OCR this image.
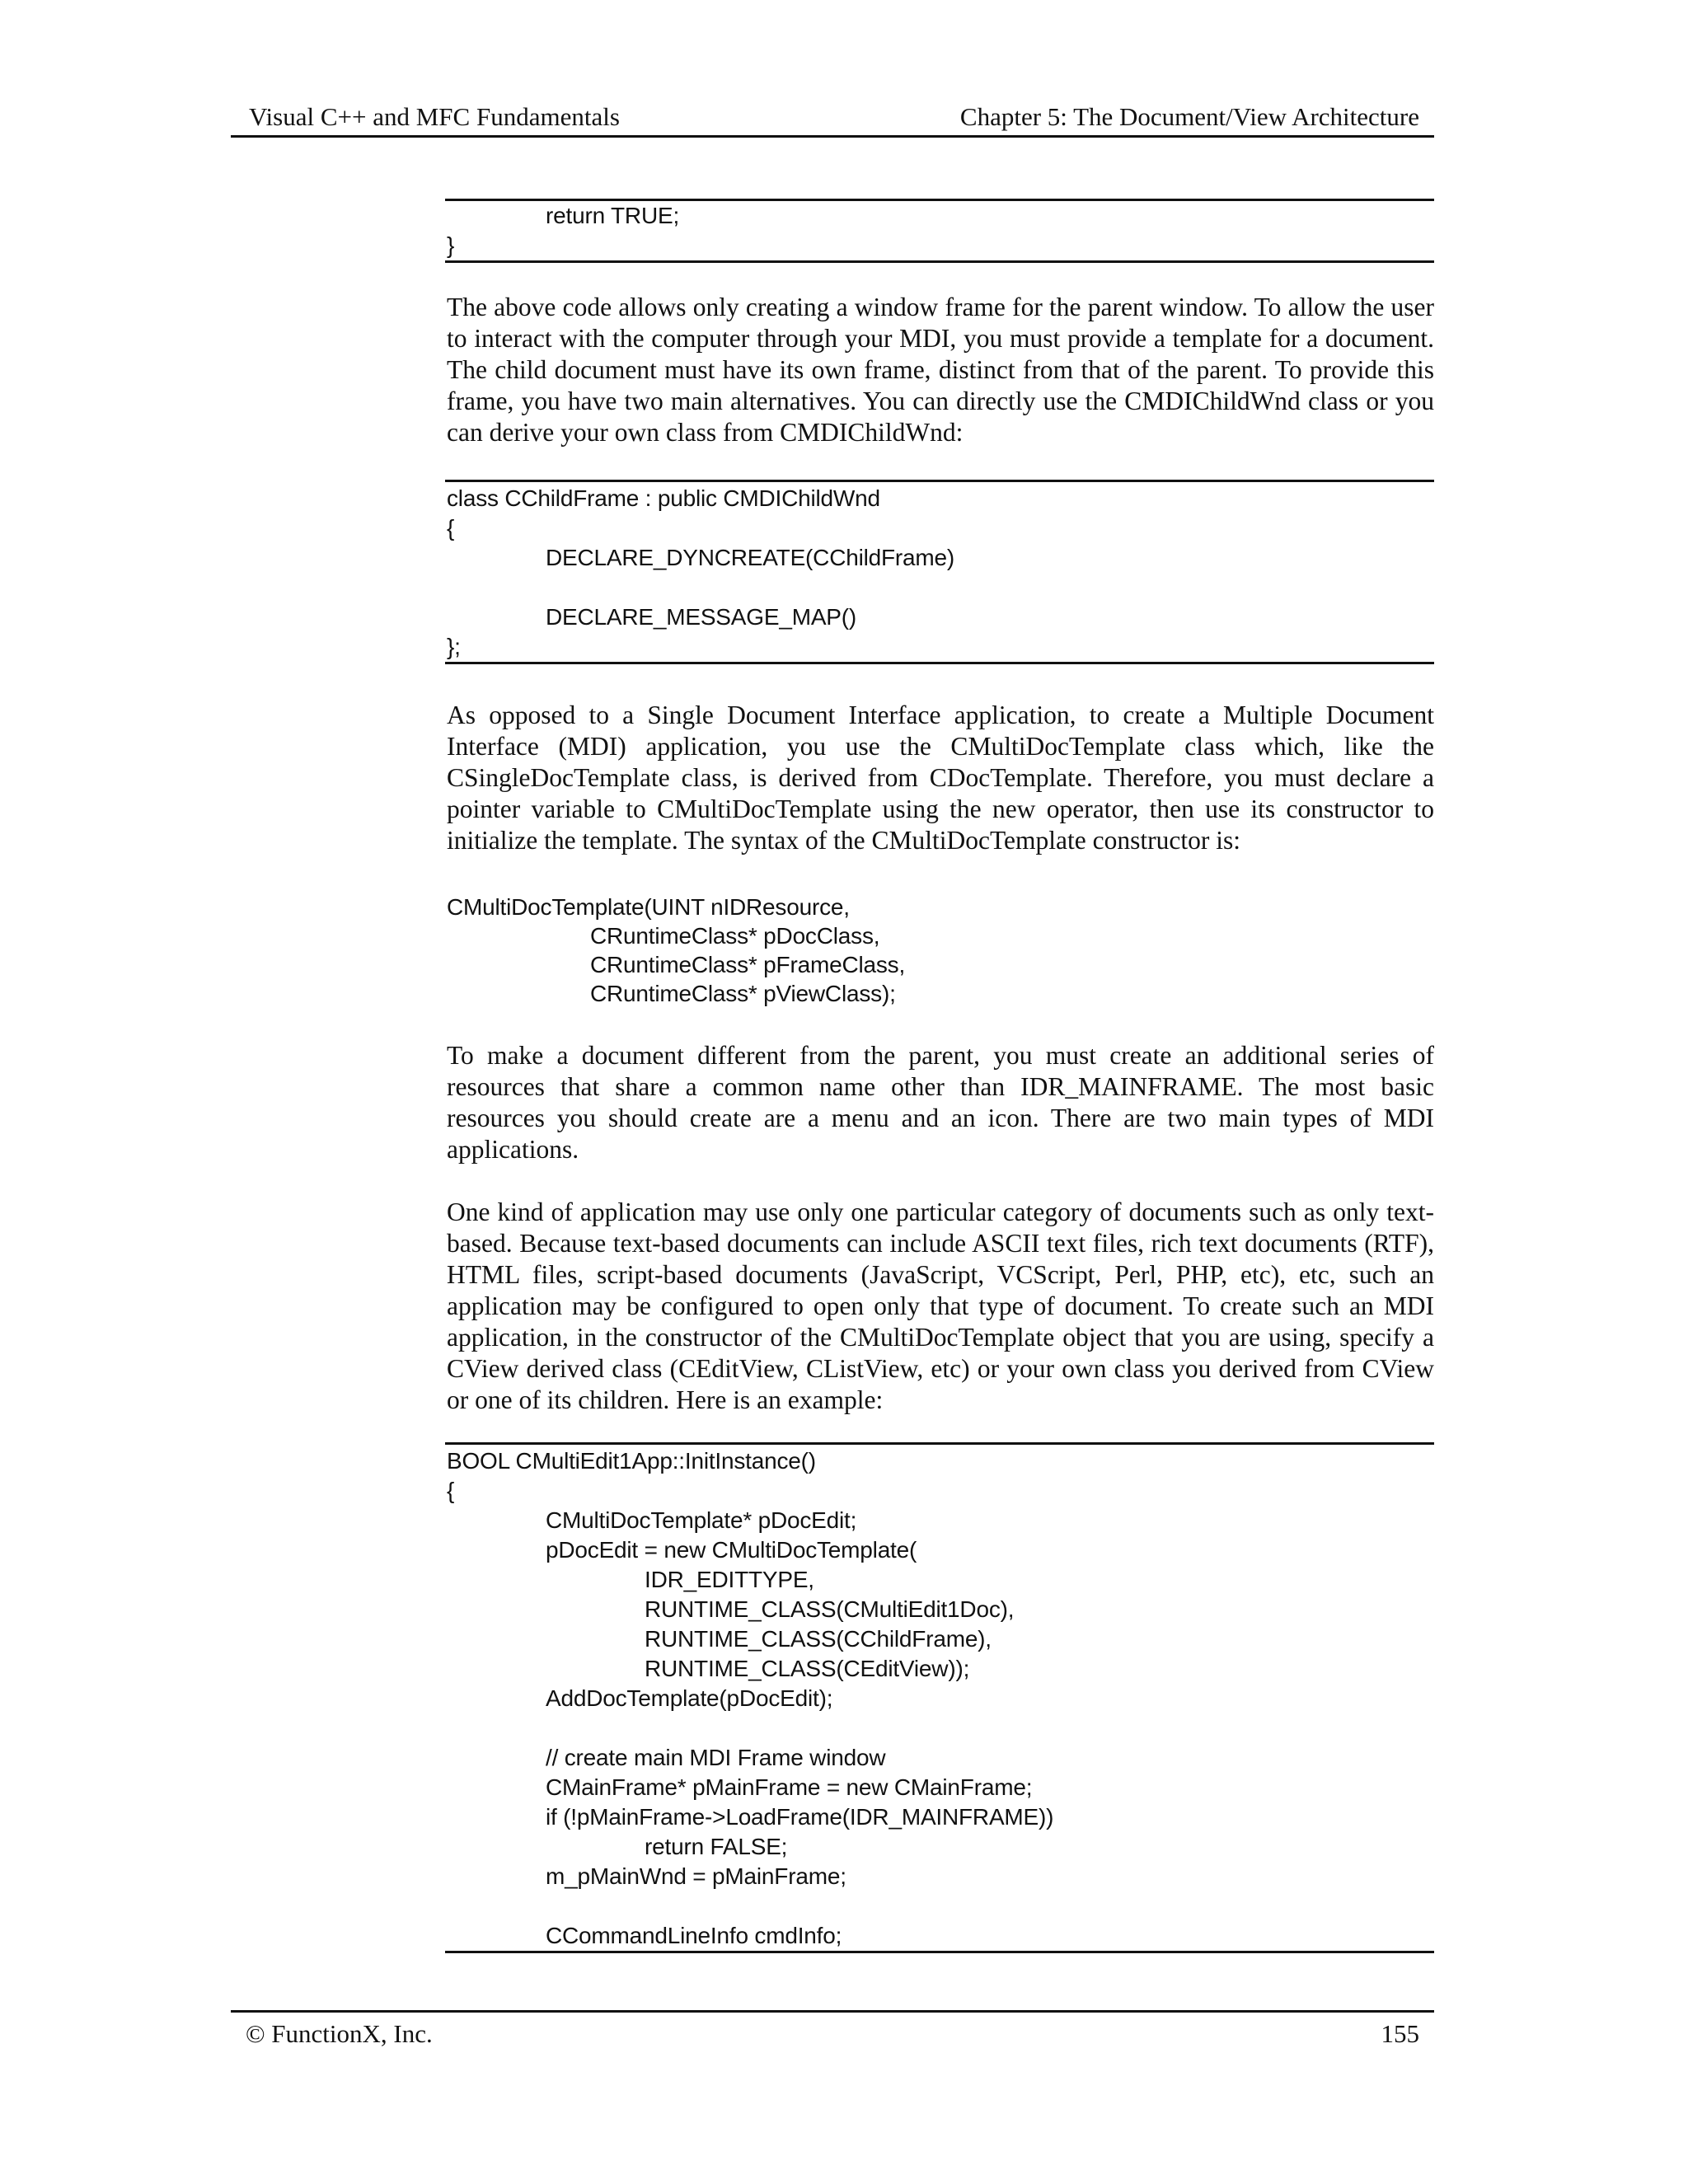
Visual C++ and MFC Fundamentals	Chapter 5: The Document/View Architecture
return TRUE;
}

The above code allows only creating a window frame for the parent window. To allow the user to interact with the computer through your MDI, you must provide a template for a document. The child document must have its own frame, distinct from that of the parent. To provide this frame, you have two main alternatives. You can directly use the CMDIChildWnd class or you can derive your own class from CMDIChildWnd:

class CChildFrame : public CMDIChildWnd
{
DECLARE_DYNCREATE(CChildFrame)
DECLARE_MESSAGE_MAP()
};

As opposed to a Single Document Interface application, to create a Multiple Document Interface (MDI) application, you use the CMultiDocTemplate class which, like the CSingleDocTemplate class, is derived from CDocTemplate. Therefore, you must declare a pointer variable to CMultiDocTemplate using the new operator, then use its constructor to initialize the template. The syntax of the CMultiDocTemplate constructor is:

CMultiDocTemplate(UINT nIDResource,
CRuntimeClass* pDocClass,
CRuntimeClass* pFrameClass,
CRuntimeClass* pViewClass);

To make a document different from the parent, you must create an additional series of resources that share a common name other than IDR_MAINFRAME. The most basic resources you should create are a menu and an icon. There are two main types of MDI applications.

One kind of application may use only one particular category of documents such as only text-based. Because text-based documents can include ASCII text files, rich text documents (RTF), HTML files, script-based documents (JavaScript, VCScript, Perl, PHP, etc), etc, such an application may be configured to open only that type of document. To create such an MDI application, in the constructor of the CMultiDocTemplate object that you are using, specify a CView derived class (CEditView, CListView, etc) or your own class you derived from CView or one of its children. Here is an example:

BOOL CMultiEdit1App::InitInstance()
{
CMultiDocTemplate* pDocEdit;
pDocEdit = new CMultiDocTemplate(
IDR_EDITTYPE,
RUNTIME_CLASS(CMultiEdit1Doc),
RUNTIME_CLASS(CChildFrame),
RUNTIME_CLASS(CEditView));
AddDocTemplate(pDocEdit);
// create main MDI Frame window
CMainFrame* pMainFrame = new CMainFrame;
if (!pMainFrame->LoadFrame(IDR_MAINFRAME))
return FALSE;
m_pMainWnd = pMainFrame;
CCommandLineInfo cmdInfo;
© FunctionX, Inc.	155
